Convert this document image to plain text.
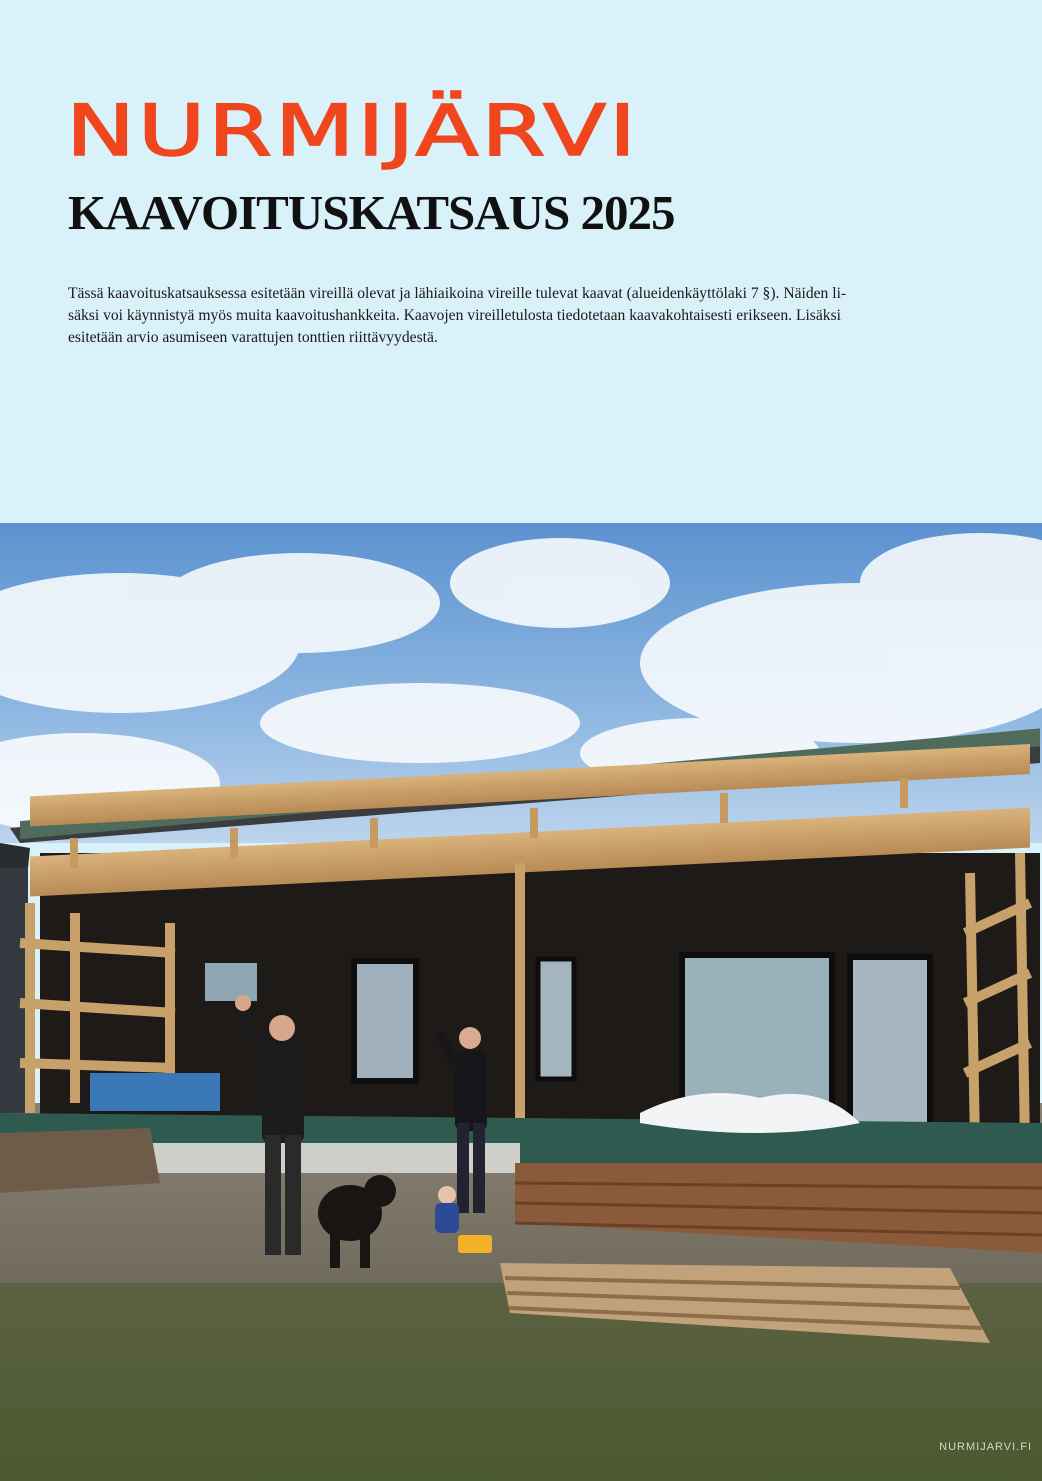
NURMIJÄRVI
KAAVOITUSKATSAUS 2025
Tässä kaavoituskatsauksessa esitetään vireillä olevat ja lähiaikoina vireille tulevat kaavat (alueidenkäyttölaki 7 §). Näiden li-
säksi voi käynnistyä myös muita kaavoitushankkeita. Kaavojen vireilletulosta tiedotetaan kaavakohtaisesti erikseen. Lisäksi
esitetään arvio asumiseen varattujen tonttien riittävyydestä.
NURMIJARVI.FI
